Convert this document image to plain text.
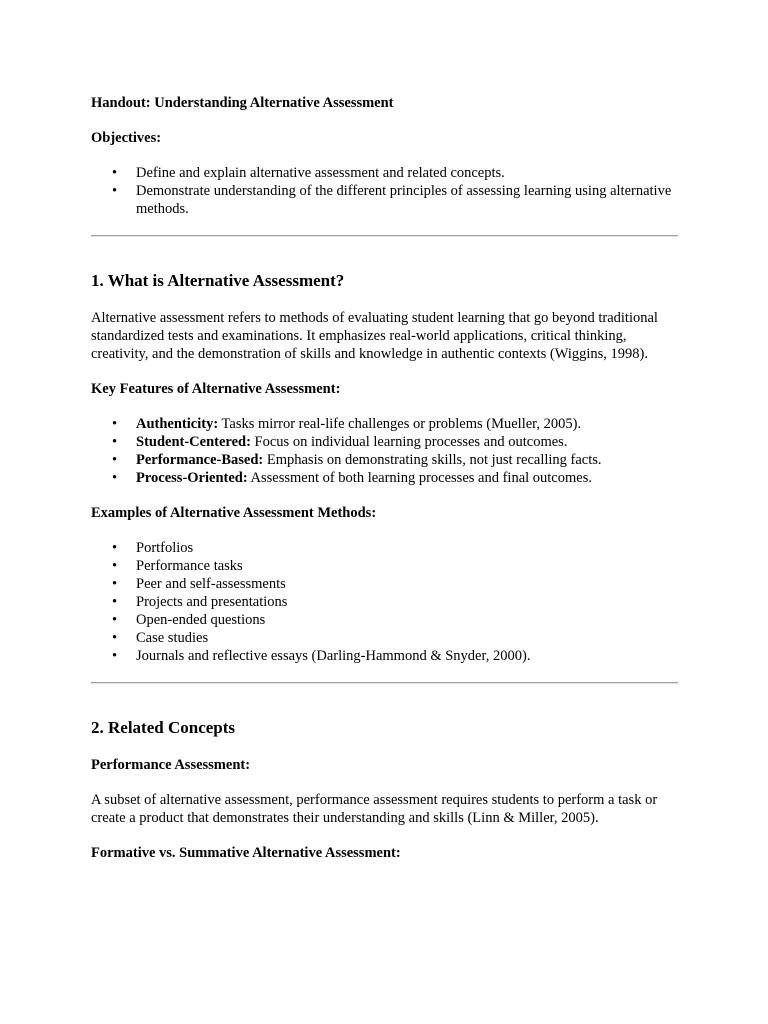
Handout: Understanding Alternative Assessment

Objectives:

• Define and explain alternative assessment and related concepts.
• Demonstrate understanding of the different principles of assessing learning using alternative methods.
1. What is Alternative Assessment?

Alternative assessment refers to methods of evaluating student learning that go beyond traditional standardized tests and examinations. It emphasizes real-world applications, critical thinking, creativity, and the demonstration of skills and knowledge in authentic contexts (Wiggins, 1998).

Key Features of Alternative Assessment:

• Authenticity: Tasks mirror real-life challenges or problems (Mueller, 2005).
• Student-Centered: Focus on individual learning processes and outcomes.
• Performance-Based: Emphasis on demonstrating skills, not just recalling facts.
• Process-Oriented: Assessment of both learning processes and final outcomes.

Examples of Alternative Assessment Methods:

• Portfolios
• Performance tasks
• Peer and self-assessments
• Projects and presentations
• Open-ended questions
• Case studies
• Journals and reflective essays (Darling-Hammond & Snyder, 2000).
2. Related Concepts

Performance Assessment:

A subset of alternative assessment, performance assessment requires students to perform a task or create a product that demonstrates their understanding and skills (Linn & Miller, 2005).

Formative vs. Summative Alternative Assessment:
